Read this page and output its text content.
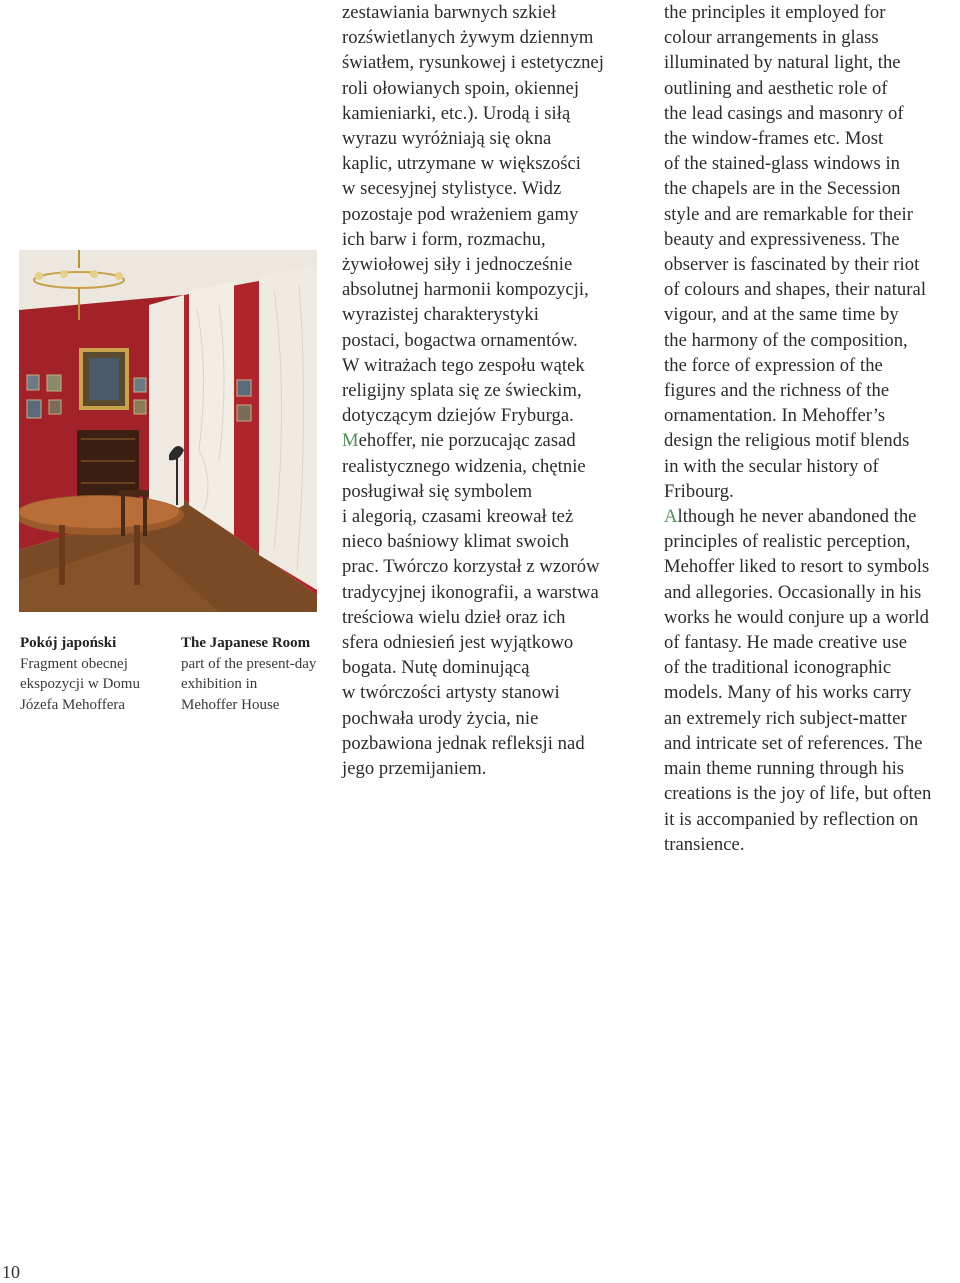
Pokój japoński
Fragment obecnej
ekspozycji w Domu
Józefa Mehoffera
The Japanese Room
part of the present-day
exhibition in
Mehoffer House
zestawiania barwnych szkieł
rozświetlanych żywym dziennym
światłem, rysunkowej i estetycznej
roli ołowianych spoin, okiennej
kamieniarki, etc.). Urodą i siłą
wyrazu wyróżniają się okna
kaplic, utrzymane w większości
w secesyjnej stylistyce. Widz
pozostaje pod wrażeniem gamy
ich barw i form, rozmachu,
żywiołowej siły i jednocześnie
absolutnej harmonii kompozycji,
wyrazistej charakterystyki
postaci, bogactwa ornamentów.
W witrażach tego zespołu wątek
religijny splata się ze świeckim,
dotyczącym dziejów Fryburga.
Mehoffer, nie porzucając zasad
realistycznego widzenia, chętnie
posługiwał się symbolem
i alegorią, czasami kreował też
nieco baśniowy klimat swoich
prac. Twórczo korzystał z wzorów
tradycyjnej ikonografii, a warstwa
treściowa wielu dzieł oraz ich
sfera odniesień jest wyjątkowo
bogata. Nutę dominującą
w twórczości artysty stanowi
pochwała urody życia, nie
pozbawiona jednak refleksji nad
jego przemijaniem.
the principles it employed for
colour arrangements in glass
illuminated by natural light, the
outlining and aesthetic role of
the lead casings and masonry of
the window-frames etc. Most
of the stained-glass windows in
the chapels are in the Secession
style and are remarkable for their
beauty and expressiveness. The
observer is fascinated by their riot
of colours and shapes, their natural
vigour, and at the same time by
the harmony of the composition,
the force of expression of the
figures and the richness of the
ornamentation. In Mehoffer’s
design the religious motif blends
in with the secular history of
Fribourg.
Although he never abandoned the
principles of realistic perception,
Mehoffer liked to resort to symbols
and allegories. Occasionally in his
works he would conjure up a world
of fantasy. He made creative use
of the traditional iconographic
models. Many of his works carry
an extremely rich subject-matter
and intricate set of references. The
main theme running through his
creations is the joy of life, but often
it is accompanied by reflection on
transience.
10
